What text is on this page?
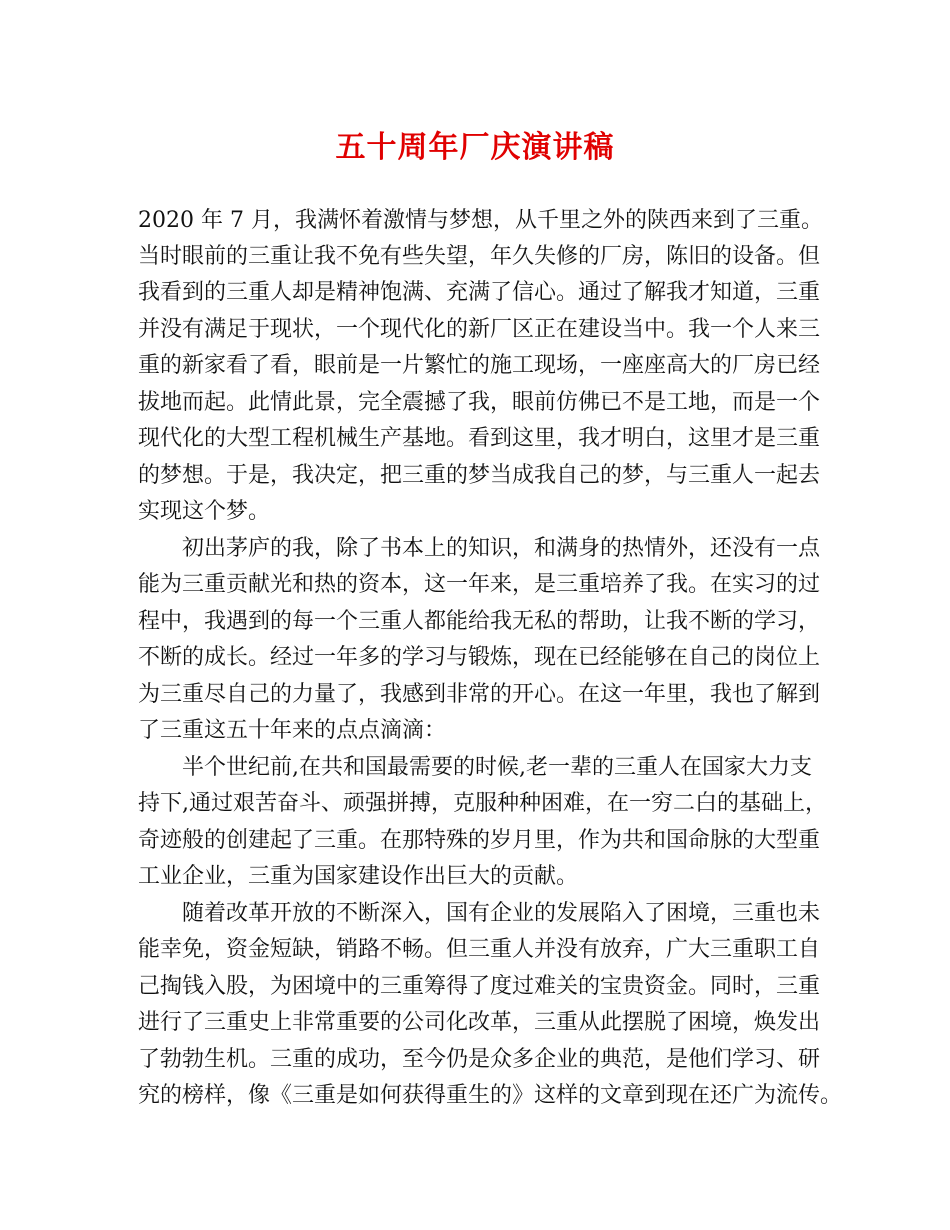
五十周年厂庆演讲稿

2020 年 7 月，我满怀着激情与梦想，从千里之外的陕西来到了三重。

当时眼前的三重让我不免有些失望，年久失修的厂房，陈旧的设备。但

我看到的三重人却是精神饱满、充满了信心。通过了解我才知道，三重

并没有满足于现状，一个现代化的新厂区正在建设当中。我一个人来三

重的新家看了看，眼前是一片繁忙的施工现场，一座座高大的厂房已经

拔地而起。此情此景，完全震撼了我，眼前仿佛已不是工地，而是一个

现代化的大型工程机械生产基地。看到这里，我才明白，这里才是三重

的梦想。于是，我决定，把三重的梦当成我自己的梦，与三重人一起去

实现这个梦。

　　初出茅庐的我，除了书本上的知识，和满身的热情外，还没有一点

能为三重贡献光和热的资本，这一年来，是三重培养了我。在实习的过

程中，我遇到的每一个三重人都能给我无私的帮助，让我不断的学习，

不断的成长。经过一年多的学习与锻炼，现在已经能够在自己的岗位上

为三重尽自己的力量了，我感到非常的开心。在这一年里，我也了解到

了三重这五十年来的点点滴滴：

　　半个世纪前,在共和国最需要的时候,老一辈的三重人在国家大力支

持下,通过艰苦奋斗、顽强拼搏，克服种种困难，在一穷二白的基础上，

奇迹般的创建起了三重。在那特殊的岁月里，作为共和国命脉的大型重

工业企业，三重为国家建设作出巨大的贡献。

　　随着改革开放的不断深入，国有企业的发展陷入了困境，三重也未

能幸免，资金短缺，销路不畅。但三重人并没有放弃，广大三重职工自

己掏钱入股，为困境中的三重筹得了度过难关的宝贵资金。同时，三重

进行了三重史上非常重要的公司化改革，三重从此摆脱了困境，焕发出

了勃勃生机。三重的成功，至今仍是众多企业的典范，是他们学习、研

究的榜样，像《三重是如何获得重生的》这样的文章到现在还广为流传。
